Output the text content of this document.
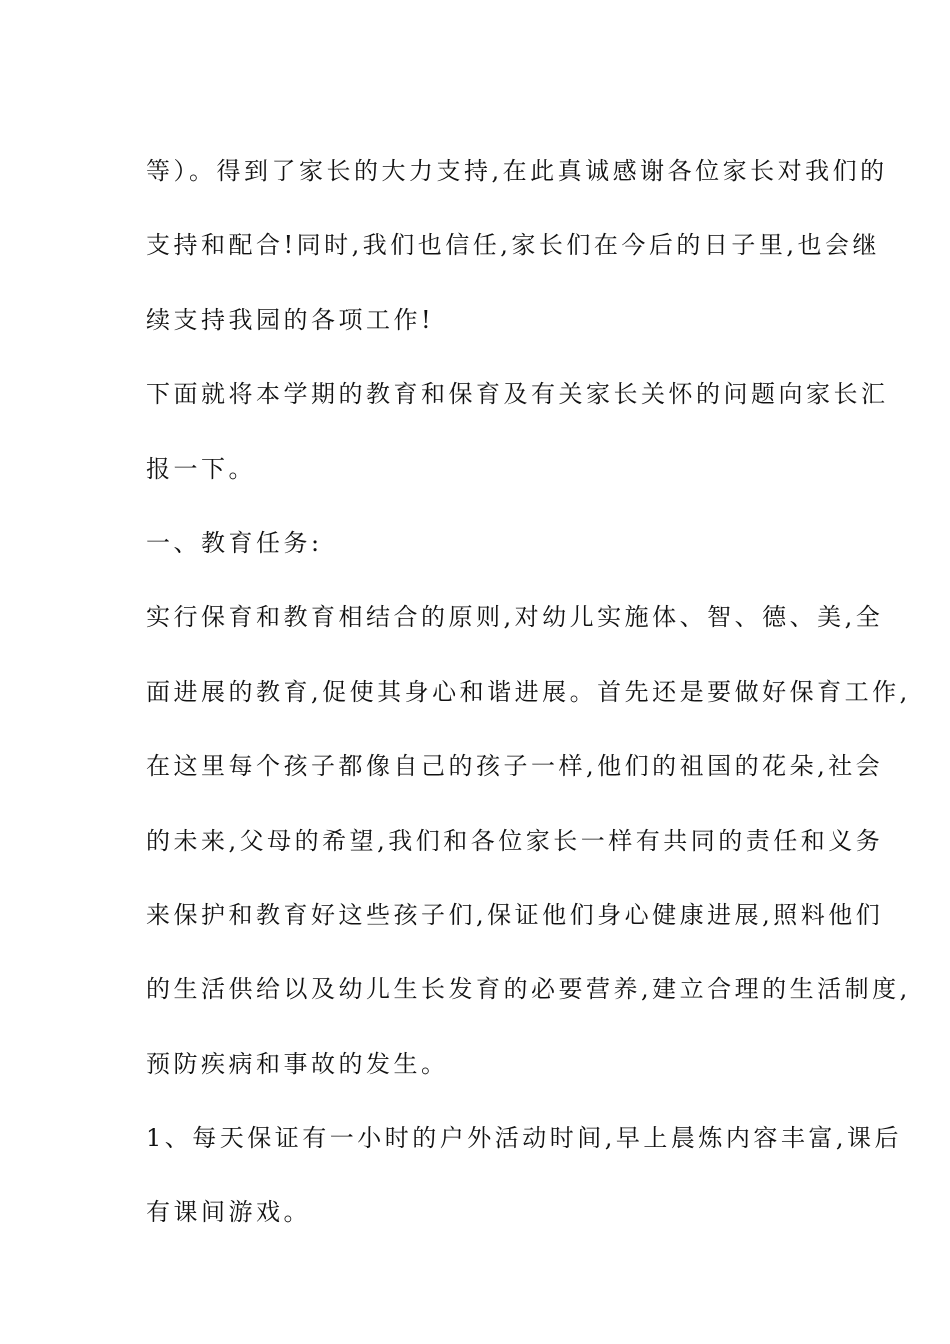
等）。得到了家长的大力支持,在此真诚感谢各位家长对我们的
支持和配合!同时,我们也信任,家长们在今后的日子里,也会继
续支持我园的各项工作!
下面就将本学期的教育和保育及有关家长关怀的问题向家长汇
报一下。
一、教育任务:
实行保育和教育相结合的原则,对幼儿实施体、智、德、美,全
面进展的教育,促使其身心和谐进展。首先还是要做好保育工作,
在这里每个孩子都像自己的孩子一样,他们的祖国的花朵,社会
的未来,父母的希望,我们和各位家长一样有共同的责任和义务
来保护和教育好这些孩子们,保证他们身心健康进展,照料他们
的生活供给以及幼儿生长发育的必要营养,建立合理的生活制度,
预防疾病和事故的发生。
1、每天保证有一小时的户外活动时间,早上晨炼内容丰富,课后
有课间游戏。
